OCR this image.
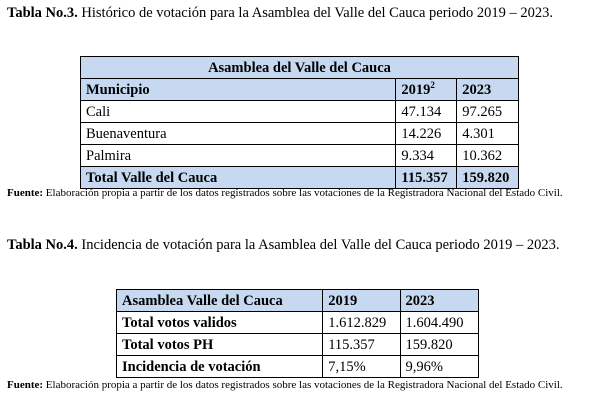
Tabla No.3. Histórico de votación para la Asamblea del Valle del Cauca periodo 2019 – 2023.
Asamblea del Valle del Cauca		
Municipio	2019$^2$	2023
Cali	47.134	97.265
Buenaventura	14.226	4.301
Palmira	9.334	10.362
Total Valle del Cauca	115.357	159.820
Fuente: Elaboración propia a partir de los datos registrados sobre las votaciones de la Registradora Nacional del Estado Civil.
Tabla No.4. Incidencia de votación para la Asamblea del Valle del Cauca periodo 2019 – 2023.
Asamblea Valle del Cauca	2019	2023
Total votos validos	1.612.829	1.604.490
Total votos PH	115.357	159.820
Incidencia de votación	7,15%	9,96%
Fuente: Elaboración propia a partir de los datos registrados sobre las votaciones de la Registradora Nacional del Estado Civil.
